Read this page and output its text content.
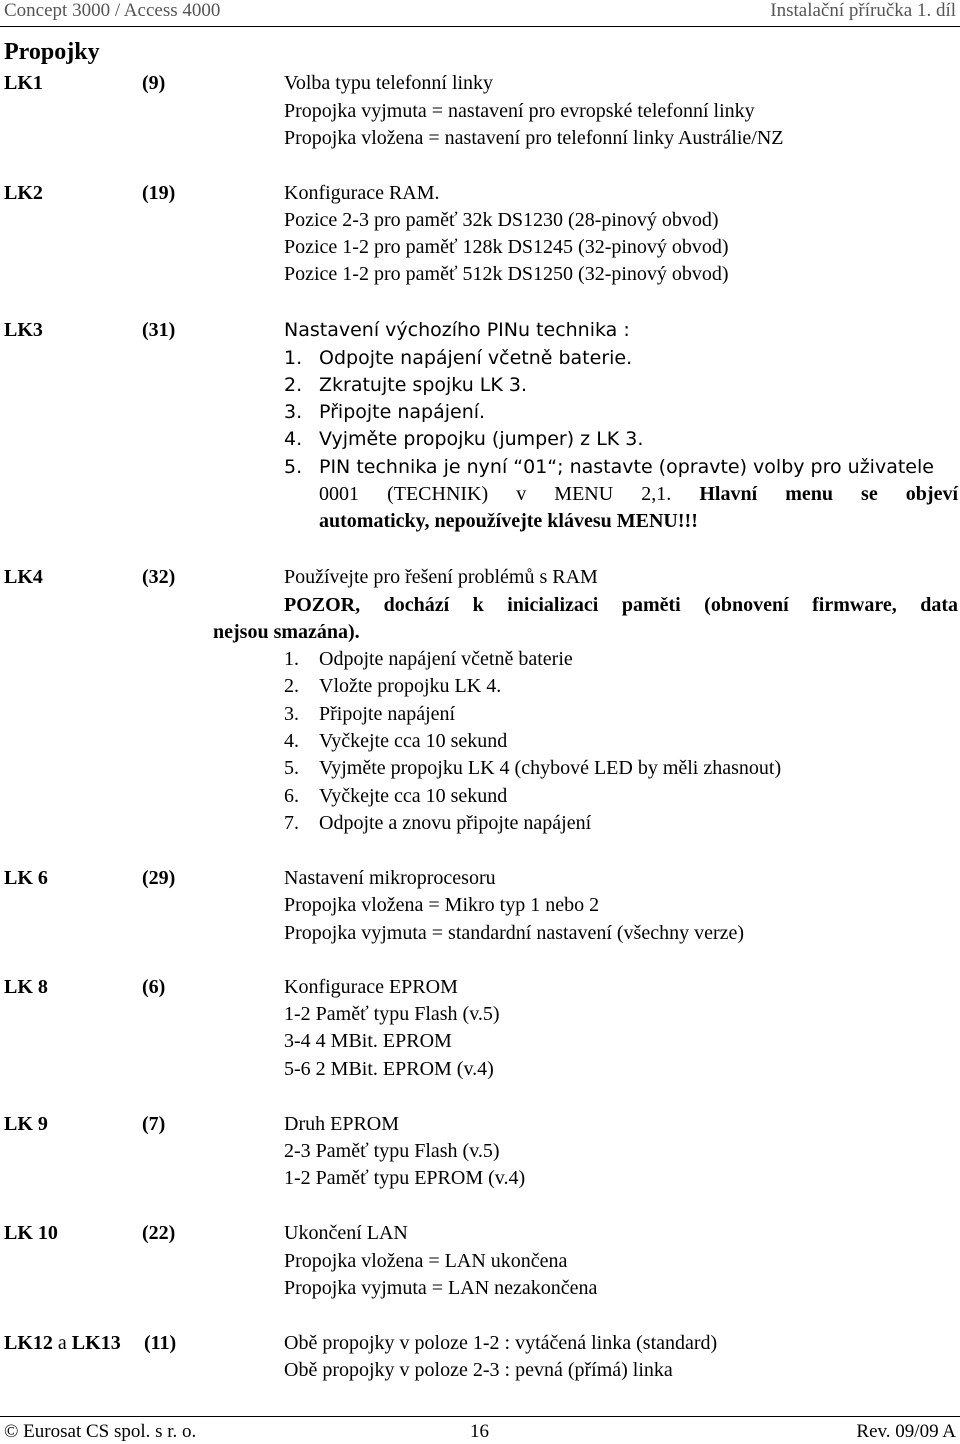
Concept 3000 / Access 4000	Instalační příručka 1. díl
Propojky
LK1	(9)	Volba typu telefonní linky
Propojka vyjmuta = nastavení pro evropské telefonní linky
Propojka vložena = nastavení pro telefonní linky Austrálie/NZ
LK2	(19)	Konfigurace RAM.
Pozice 2-3 pro paměť 32k DS1230 (28-pinový obvod)
Pozice 1-2 pro paměť 128k DS1245 (32-pinový obvod)
Pozice 1-2 pro paměť 512k DS1250 (32-pinový obvod)
LK3	(31)	Nastavení výchozího PINu technika :
1. Odpojte napájení včetně baterie.
2. Zkratujte spojku LK 3.
3. Připojte napájení.
4. Vyjměte propojku (jumper) z LK 3.
5. PIN technika je nyní “01“; nastavte (opravte) volby pro uživatele
0001 (TECHNIK) v MENU 2,1. Hlavní menu se objeví
automaticky, nepoužívejte klávesu MENU!!!
LK4	(32)	Používejte pro řešení problémů s RAM
POZOR, dochází k inicializaci paměti (obnovení firmware, data
nejsou smazána).
1. Odpojte napájení včetně baterie
2. Vložte propojku LK 4.
3. Připojte napájení
4. Vyčkejte cca 10 sekund
5. Vyjměte propojku LK 4 (chybové LED by měli zhasnout)
6. Vyčkejte cca 10 sekund
7. Odpojte a znovu připojte napájení
LK 6	(29)	Nastavení mikroprocesoru
Propojka vložena = Mikro typ 1 nebo 2
Propojka vyjmuta = standardní nastavení (všechny verze)
LK 8	(6)	Konfigurace EPROM
1-2 Paměť typu Flash (v.5)
3-4 4 MBit. EPROM
5-6 2 MBit. EPROM (v.4)
LK 9	(7)	Druh EPROM
2-3 Paměť typu Flash (v.5)
1-2 Paměť typu EPROM (v.4)
LK 10	(22)	Ukončení LAN
Propojka vložena = LAN ukončena
Propojka vyjmuta = LAN nezakončena
LK12 a LK13 (11)	Obě propojky v poloze 1-2 : vytáčená linka (standard)
Obě propojky v poloze 2-3 : pevná (přímá) linka
© Eurosat CS spol. s r. o.	16	Rev. 09/09 A
